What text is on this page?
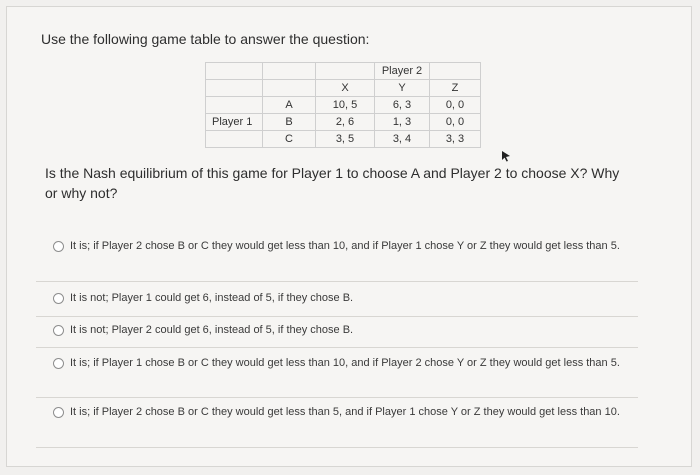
Use the following game table to answer the question:
			Player 2	
		X	Y	Z
	A	10, 5	6, 3	0, 0
Player 1	B	2, 6	1, 3	0, 0
	C	3, 5	3, 4	3, 3
Is the Nash equilibrium of this game for Player 1 to choose A and Player 2 to choose X? Why or why not?
It is; if Player 2 chose B or C they would get less than 10, and if Player 1 chose Y or Z they would get less than 5.
It is not; Player 1 could get 6, instead of 5, if they chose B.
It is not; Player 2 could get 6, instead of 5, if they chose B.
It is; if Player 1 chose B or C they would get less than 10, and if Player 2 chose Y or Z they would get less than 5.
It is; if Player 2 chose B or C they would get less than 5, and if Player 1 chose Y or Z they would get less than 10.
